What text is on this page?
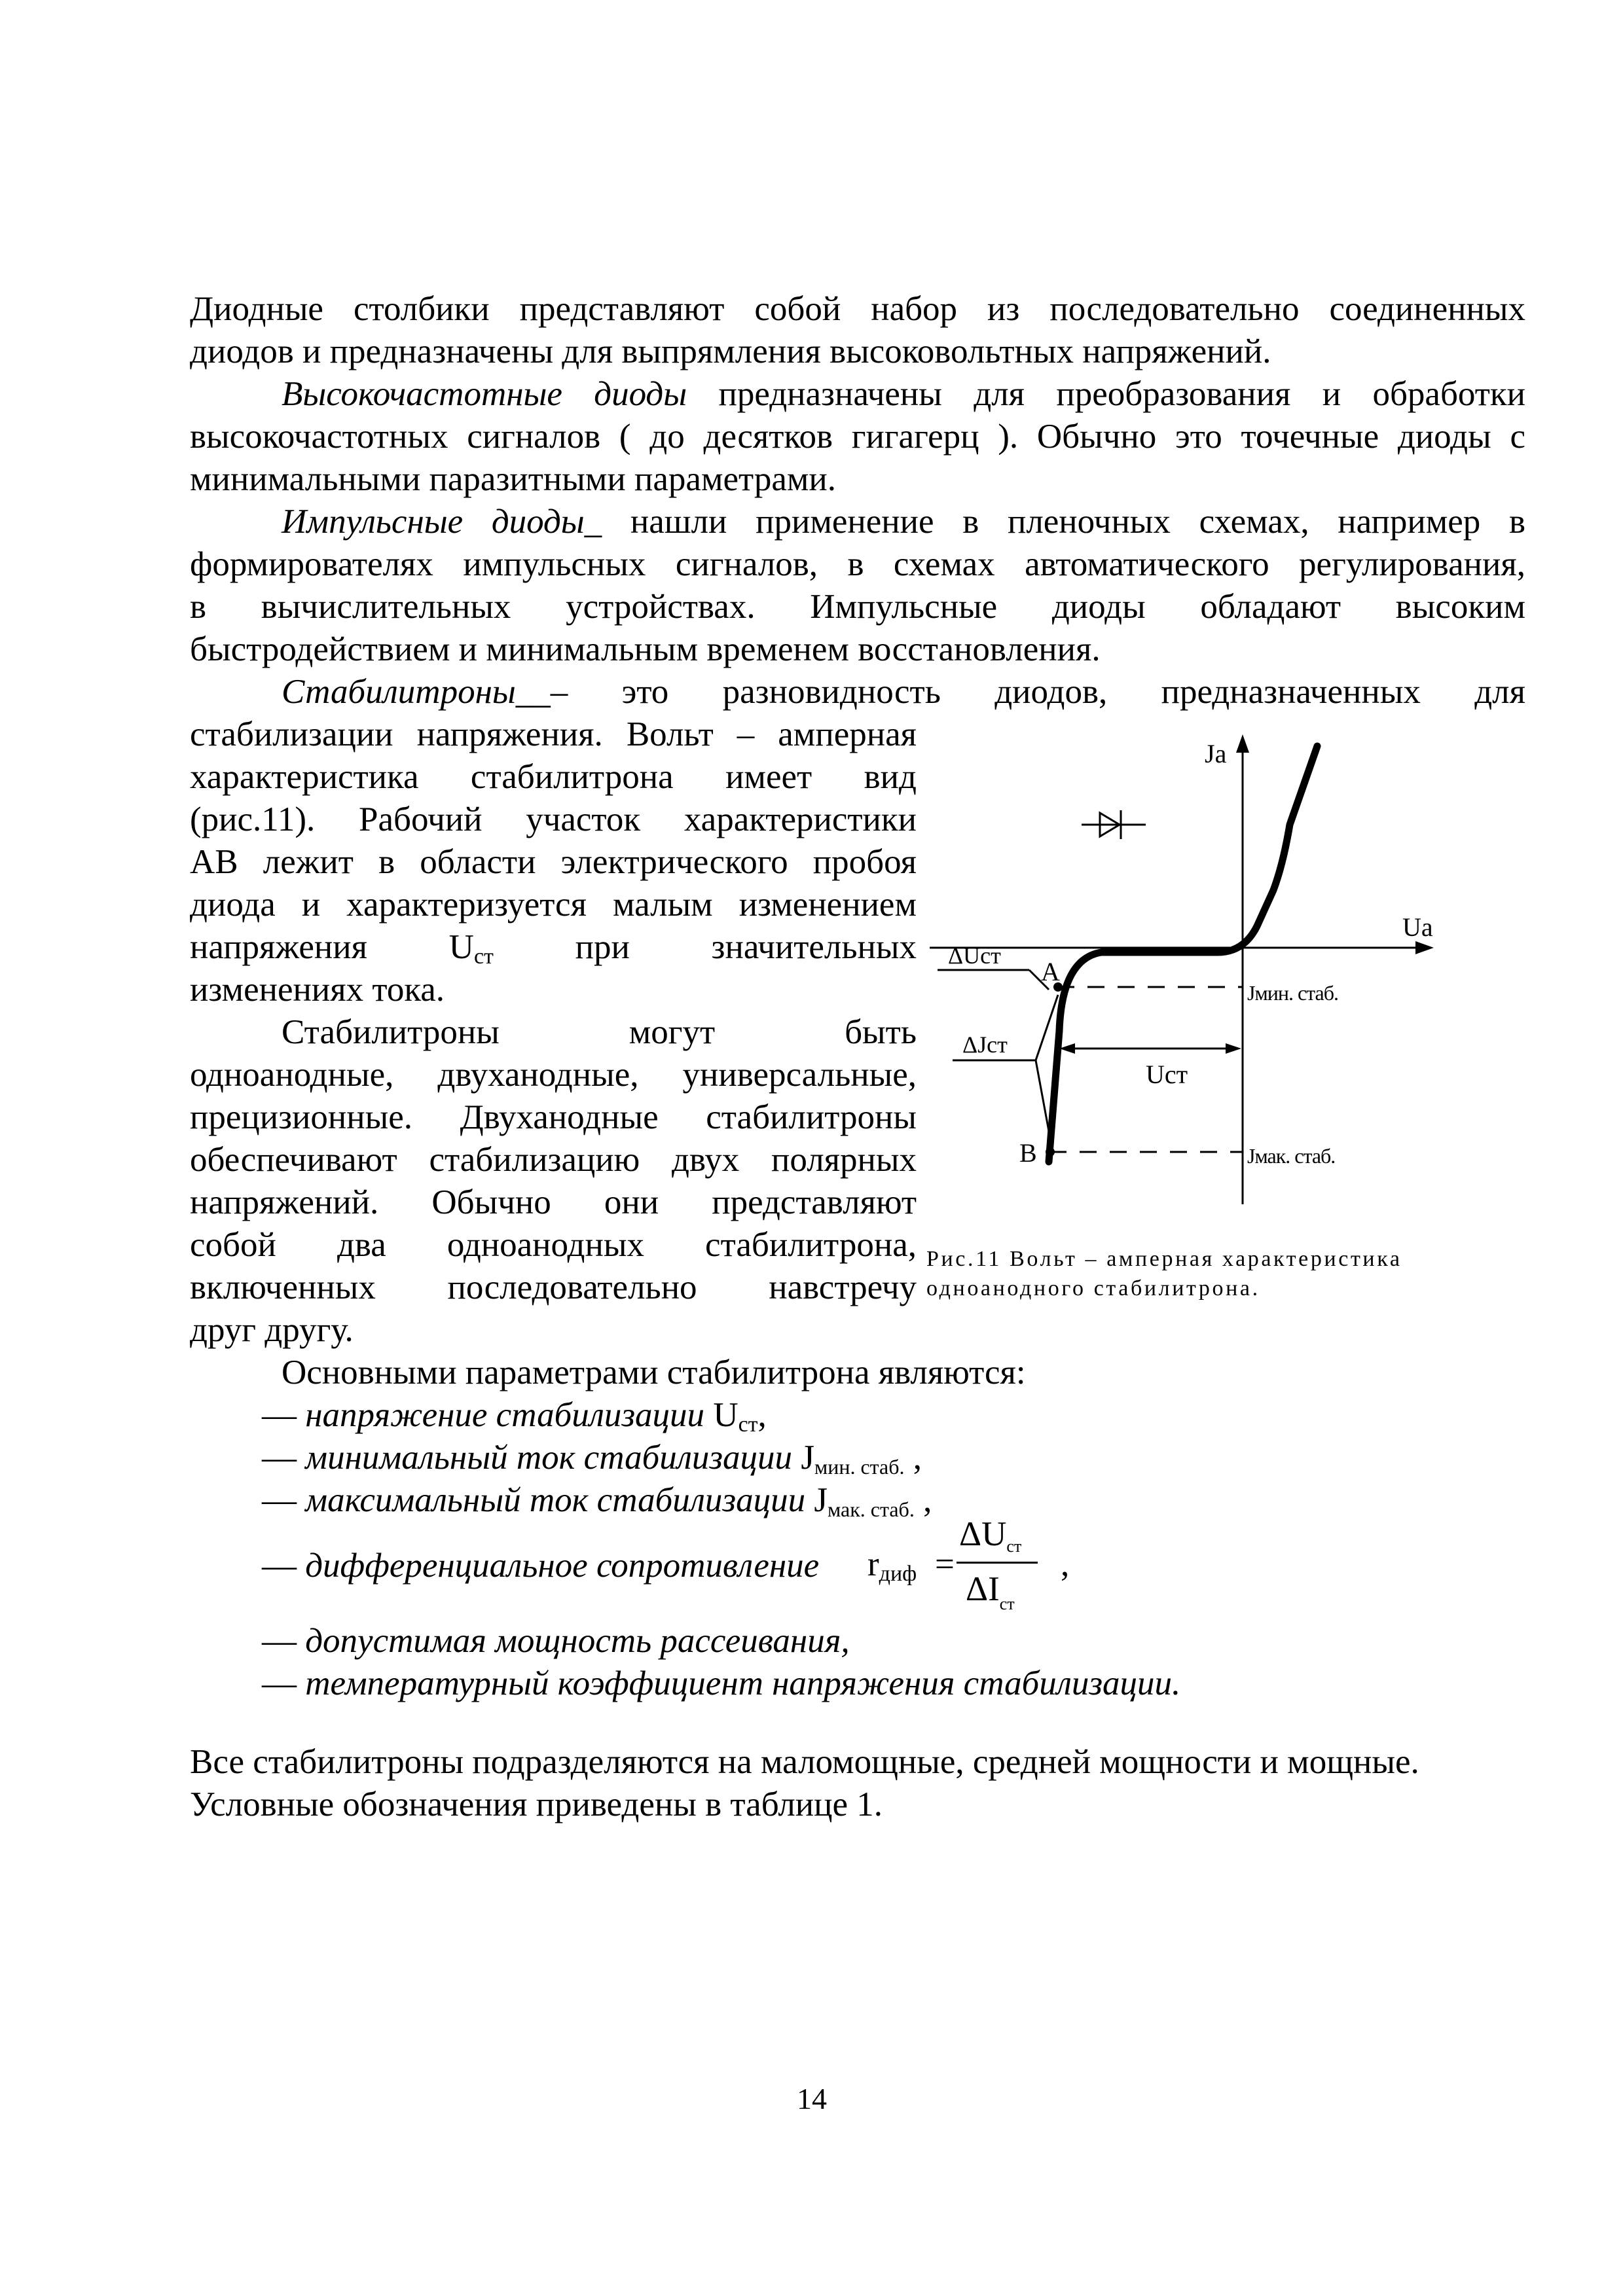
Диодные столбики представляют собой набор из последовательно соединенных
диодов и предназначены для выпрямления высоковольтных напряжений.
Высокочастотные диоды предназначены для преобразования и обработки
высокочастотных сигналов ( до десятков гигагерц ). Обычно это точечные диоды с
минимальными паразитными параметрами.
Импульсные диоды_ нашли применение в пленочных схемах, например в
формирователях импульсных сигналов, в схемах автоматического регулирования,
в вычислительных устройствах. Импульсные диоды обладают высоким
быстродействием и минимальным временем восстановления.
Стабилитроны__– это разновидность диодов, предназначенных для
стабилизации напряжения. Вольт – амперная
характеристика стабилитрона имеет вид
(рис.11). Рабочий участок характеристики
АВ лежит в области электрического пробоя
диода и характеризуется малым изменением
напряжения Uст при значительных
изменениях тока.
Стабилитроны	могут	быть
одноанодные, двуханодные, универсальные,
прецизионные. Двуханодные стабилитроны
обеспечивают стабилизацию двух полярных
напряжений. Обычно они представляют
собой два одноанодных стабилитрона,
включенных последовательно навстречу
друг другу.
Jа
Uа
А
В
ΔUст
ΔJст
Uст
Jмин. стаб.
Jмак. стаб.
Рис.11 Вольт – амперная характеристика
одноанодного стабилитрона.
Основными параметрами стабилитрона являются:
— напряжение стабилизации Uст,
— минимальный ток стабилизации Jмин. стаб. ,
— максимальный ток стабилизации Jмак. стаб. ,
— дифференциальное сопротивление rдиф =
ΔUст
$\Delta I_{ст}$
,
— допустимая мощность рассеивания,
— температурный коэффициент напряжения стабилизации.
Все стабилитроны подразделяются на маломощные, средней мощности и мощные.
Условные обозначения приведены в таблице 1.
14
